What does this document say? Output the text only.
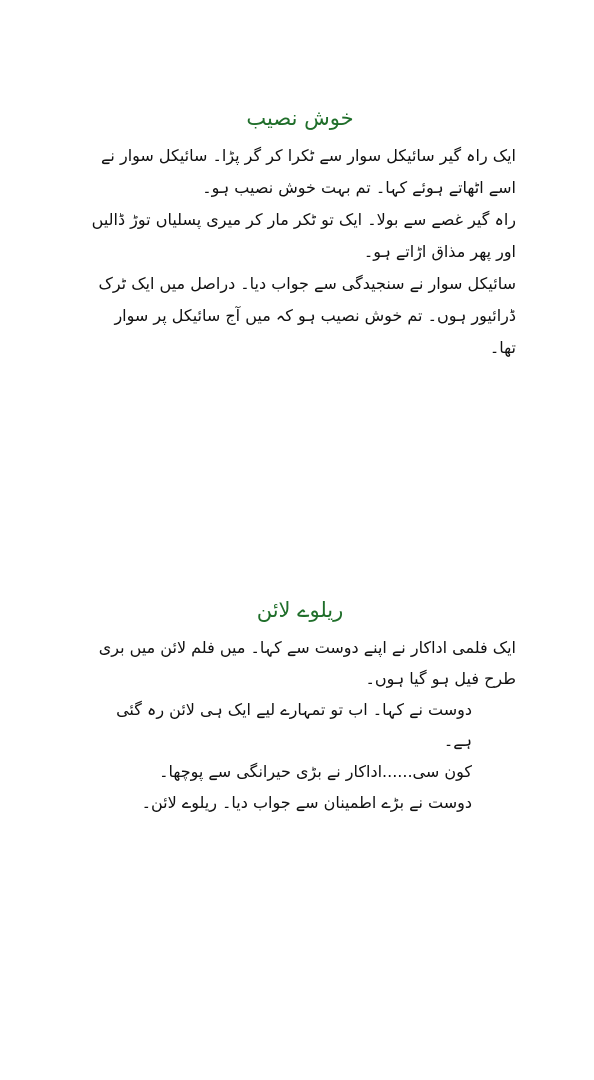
خوش نصیب

ایک راہ گیر سائیکل سوار سے ٹکرا کر گر پڑا۔ سائیکل سوار نے اسے اٹھاتے ہوئے کہا۔ تم بہت خوش نصیب ہو۔

راہ گیر غصے سے بولا۔ ایک تو ٹکر مار کر میری پسلیاں توڑ ڈالیں اور پھر مذاق اڑاتے ہو۔

سائیکل سوار نے سنجیدگی سے جواب دیا۔ دراصل میں ایک ٹرک ڈرائیور ہوں۔ تم خوش نصیب ہو کہ میں آج سائیکل پر سوار تھا۔

ریلوے لائن

ایک فلمی اداکار نے اپنے دوست سے کہا۔ میں فلم لائن میں بری طرح فیل ہو گیا ہوں۔

دوست نے کہا۔ اب تو تمہارے لیے ایک ہی لائن رہ گئی ہے۔

کون سی......اداکار نے بڑی حیرانگی سے پوچھا۔

دوست نے بڑے اطمینان سے جواب دیا۔ ریلوے لائن۔
